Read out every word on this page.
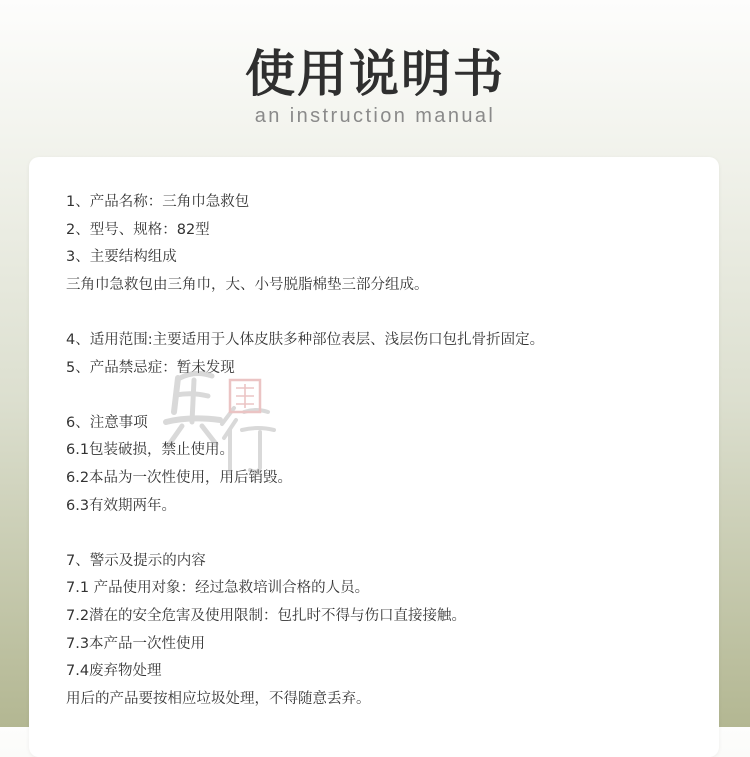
使用说明书
an instruction manual
1、产品名称：三角巾急救包
2、型号、规格：82型
3、主要结构组成
三角巾急救包由三角巾，大、小号脱脂棉垫三部分组成。
4、适用范围:主要适用于人体皮肤多种部位表层、浅层伤口包扎骨折固定。
5、产品禁忌症：暂未发现
6、注意事项
6.1包装破损，禁止使用。
6.2本品为一次性使用，用后销毁。
6.3有效期两年。
7、警示及提示的内容
7.1 产品使用对象：经过急救培训合格的人员。
7.2潜在的安全危害及使用限制：包扎时不得与伤口直接接触。
7.3本产品一次性使用
7.4废弃物处理
用后的产品要按相应垃圾处理，不得随意丢弃。
